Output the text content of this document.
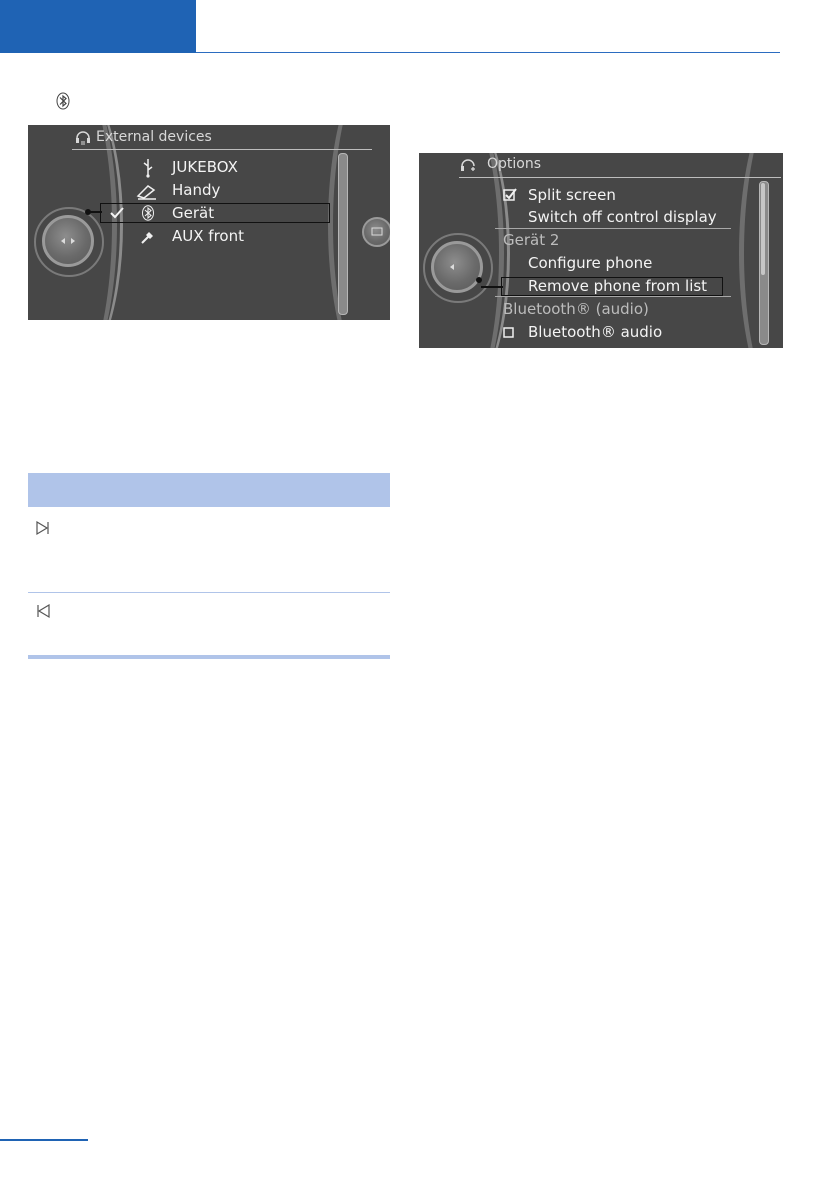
External devices
JUKEBOX
Handy
Gerät
AUX front
Options
Split screen
Switch off control display
Gerät 2
Configure phone
Remove phone from list
Bluetooth® (audio)
Bluetooth® audio
